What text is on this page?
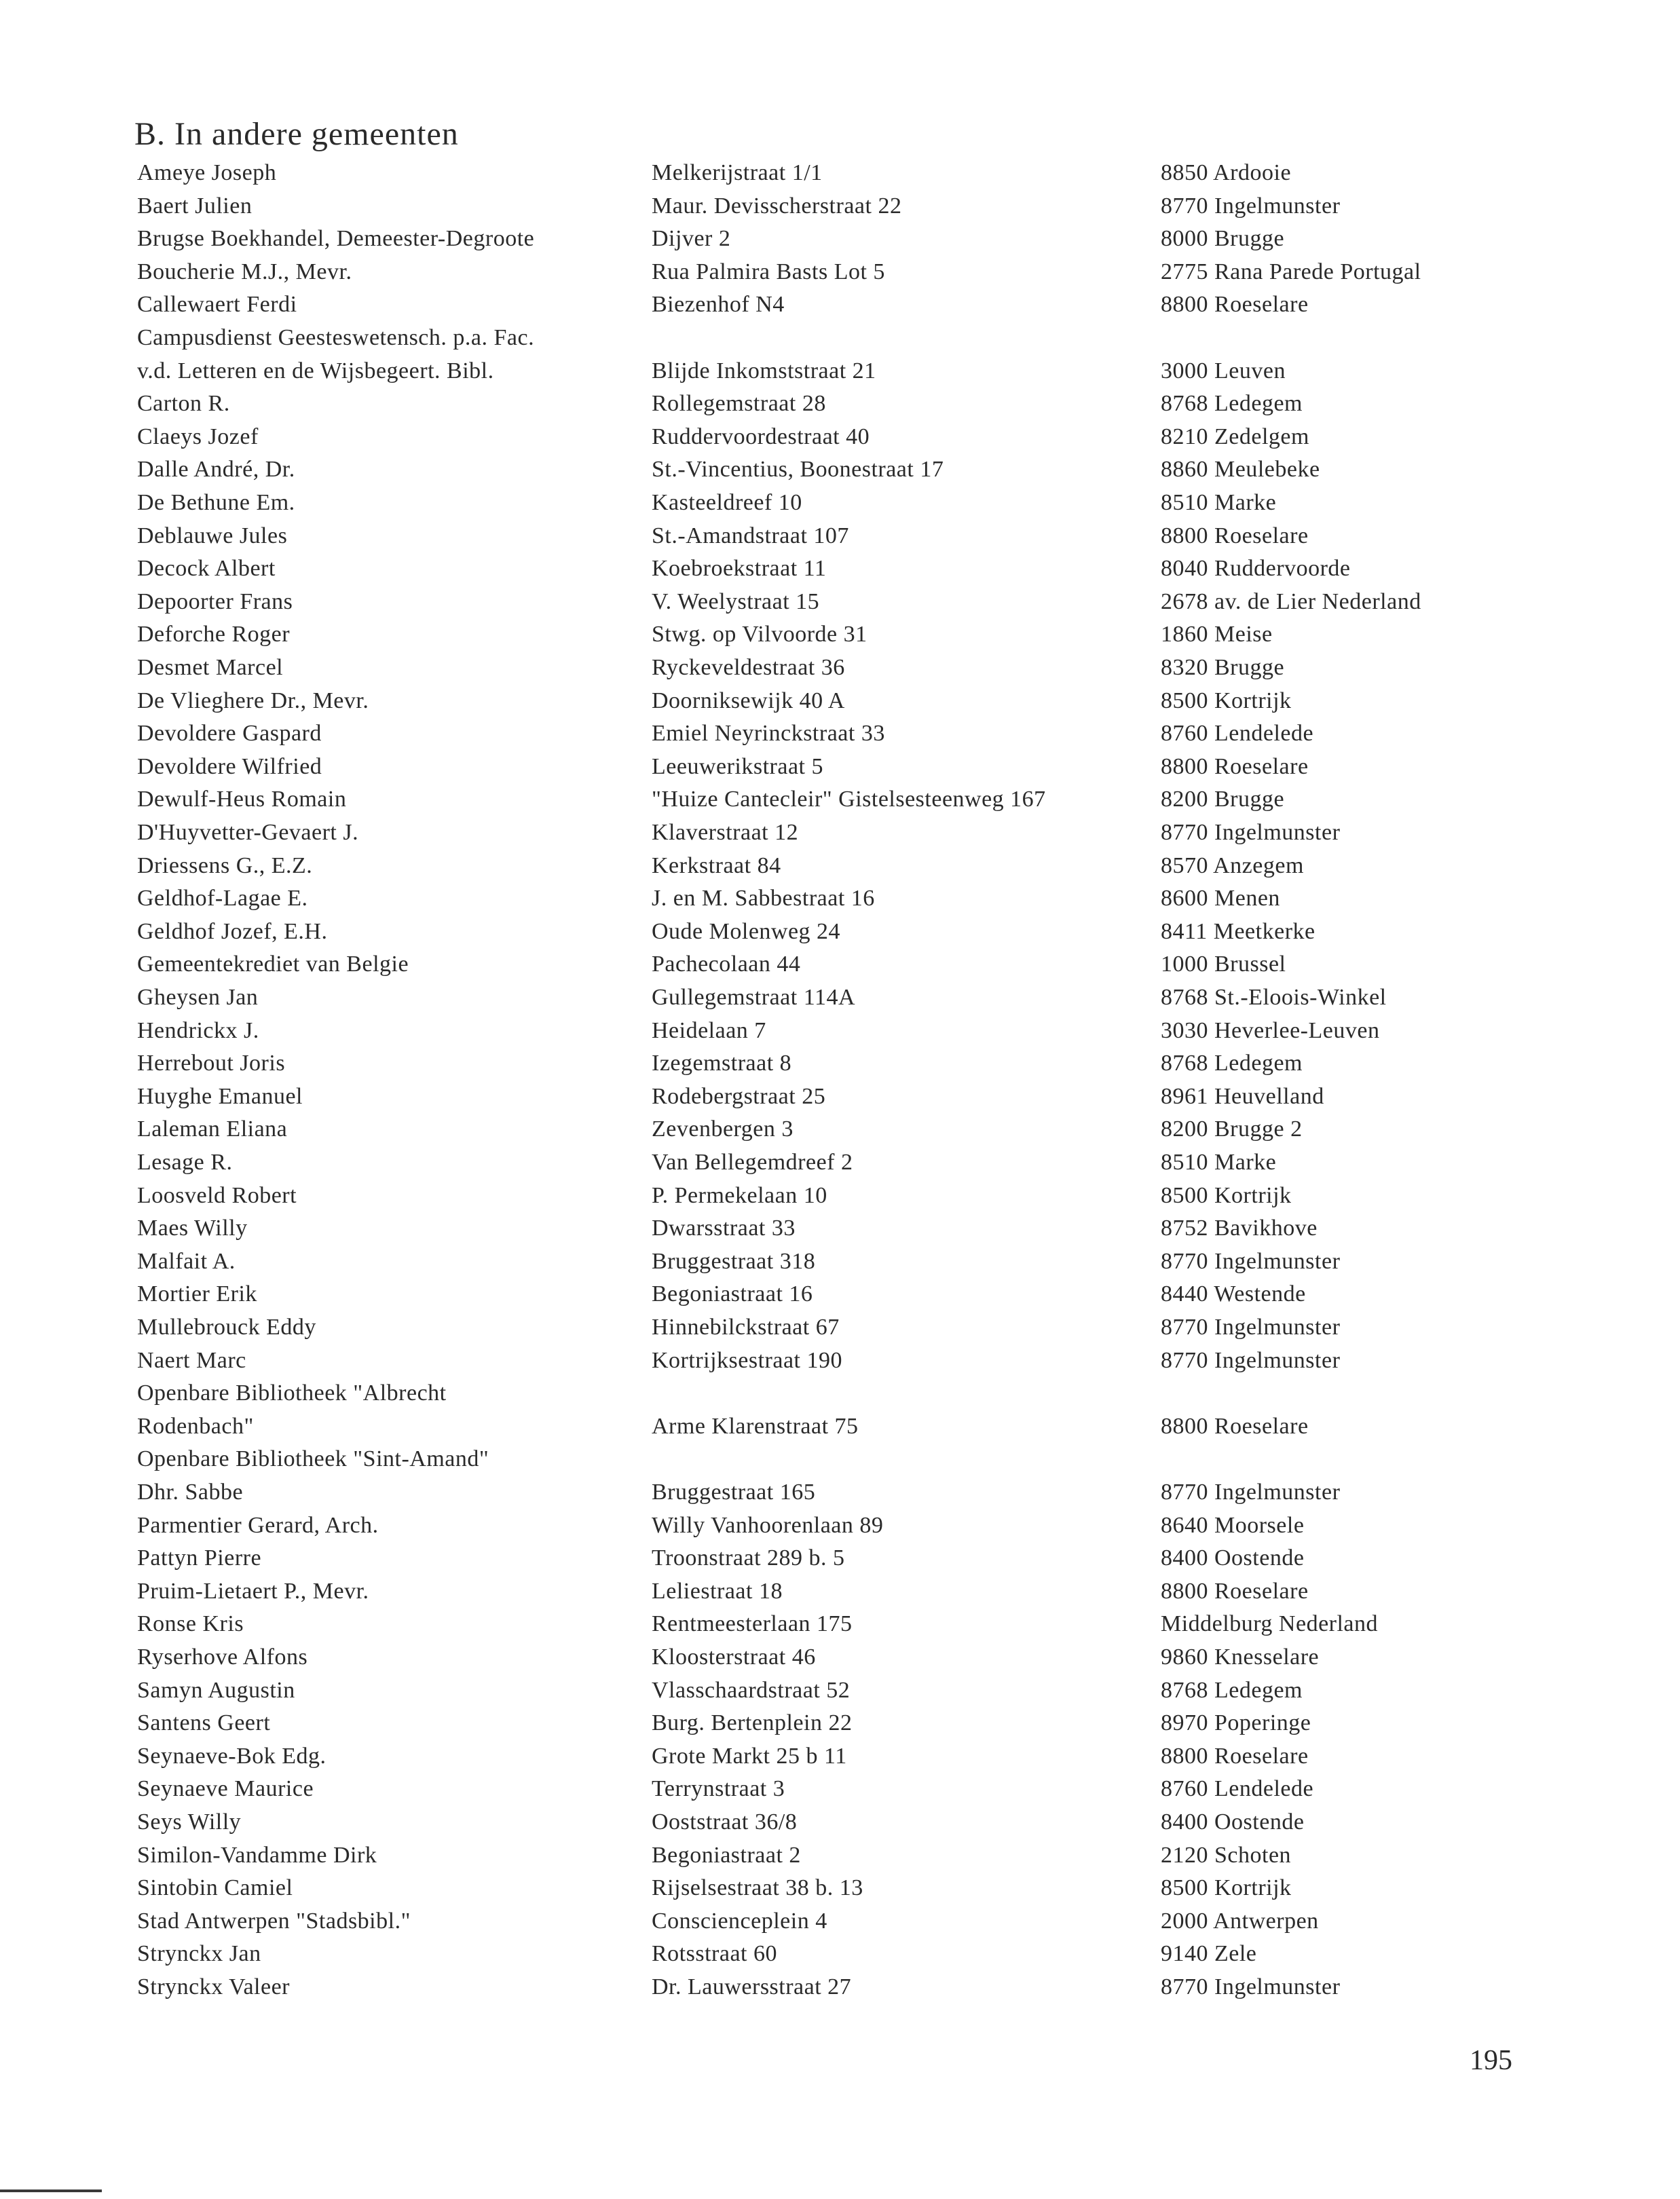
B. In andere gemeenten
Ameye Joseph	Melkerijstraat 1/1	8850 Ardooie
Baert Julien	Maur. Devisscherstraat 22	8770 Ingelmunster
Brugse Boekhandel, Demeester-Degroote	Dijver 2	8000 Brugge
Boucherie M.J., Mevr.	Rua Palmira Basts Lot 5	2775 Rana Parede Portugal
Callewaert Ferdi	Biezenhof N4	8800 Roeselare
Campusdienst Geesteswetensch. p.a. Fac.
v.d. Letteren en de Wijsbegeert. Bibl.	Blijde Inkomststraat 21	3000 Leuven
Carton R.	Rollegemstraat 28	8768 Ledegem
Claeys Jozef	Ruddervoordestraat 40	8210 Zedelgem
Dalle André, Dr.	St.-Vincentius, Boonestraat 17	8860 Meulebeke
De Bethune Em.	Kasteeldreef 10	8510 Marke
Deblauwe Jules	St.-Amandstraat 107	8800 Roeselare
Decock Albert	Koebroekstraat 11	8040 Ruddervoorde
Depoorter Frans	V. Weelystraat 15	2678 av. de Lier Nederland
Deforche Roger	Stwg. op Vilvoorde 31	1860 Meise
Desmet Marcel	Ryckeveldestraat 36	8320 Brugge
De Vlieghere Dr., Mevr.	Doorniksewijk 40 A	8500 Kortrijk
Devoldere Gaspard	Emiel Neyrinckstraat 33	8760 Lendelede
Devoldere Wilfried	Leeuwerikstraat 5	8800 Roeselare
Dewulf-Heus Romain	"Huize Cantecleir" Gistelsesteenweg 167	8200 Brugge
D'Huyvetter-Gevaert J.	Klaverstraat 12	8770 Ingelmunster
Driessens G., E.Z.	Kerkstraat 84	8570 Anzegem
Geldhof-Lagae E.	J. en M. Sabbestraat 16	8600 Menen
Geldhof Jozef, E.H.	Oude Molenweg 24	8411 Meetkerke
Gemeentekrediet van Belgie	Pachecolaan 44	1000 Brussel
Gheysen Jan	Gullegemstraat 114A	8768 St.-Eloois-Winkel
Hendrickx J.	Heidelaan 7	3030 Heverlee-Leuven
Herrebout Joris	Izegemstraat 8	8768 Ledegem
Huyghe Emanuel	Rodebergstraat 25	8961 Heuvelland
Laleman Eliana	Zevenbergen 3	8200 Brugge 2
Lesage R.	Van Bellegemdreef 2	8510 Marke
Loosveld Robert	P. Permekelaan 10	8500 Kortrijk
Maes Willy	Dwarsstraat 33	8752 Bavikhove
Malfait A.	Bruggestraat 318	8770 Ingelmunster
Mortier Erik	Begoniastraat 16	8440 Westende
Mullebrouck Eddy	Hinnebilckstraat 67	8770 Ingelmunster
Naert Marc	Kortrijksestraat 190	8770 Ingelmunster
Openbare Bibliotheek "Albrecht
Rodenbach"	Arme Klarenstraat 75	8800 Roeselare
Openbare Bibliotheek "Sint-Amand"
Dhr. Sabbe	Bruggestraat 165	8770 Ingelmunster
Parmentier Gerard, Arch.	Willy Vanhoorenlaan 89	8640 Moorsele
Pattyn Pierre	Troonstraat 289 b. 5	8400 Oostende
Pruim-Lietaert P., Mevr.	Leliestraat 18	8800 Roeselare
Ronse Kris	Rentmeesterlaan 175	Middelburg Nederland
Ryserhove Alfons	Kloosterstraat 46	9860 Knesselare
Samyn Augustin	Vlasschaardstraat 52	8768 Ledegem
Santens Geert	Burg. Bertenplein 22	8970 Poperinge
Seynaeve-Bok Edg.	Grote Markt 25 b 11	8800 Roeselare
Seynaeve Maurice	Terrynstraat 3	8760 Lendelede
Seys Willy	Ooststraat 36/8	8400 Oostende
Similon-Vandamme Dirk	Begoniastraat 2	2120 Schoten
Sintobin Camiel	Rijselsestraat 38 b. 13	8500 Kortrijk
Stad Antwerpen "Stadsbibl."	Conscienceplein 4	2000 Antwerpen
Strynckx Jan	Rotsstraat 60	9140 Zele
Strynckx Valeer	Dr. Lauwersstraat 27	8770 Ingelmunster
195
